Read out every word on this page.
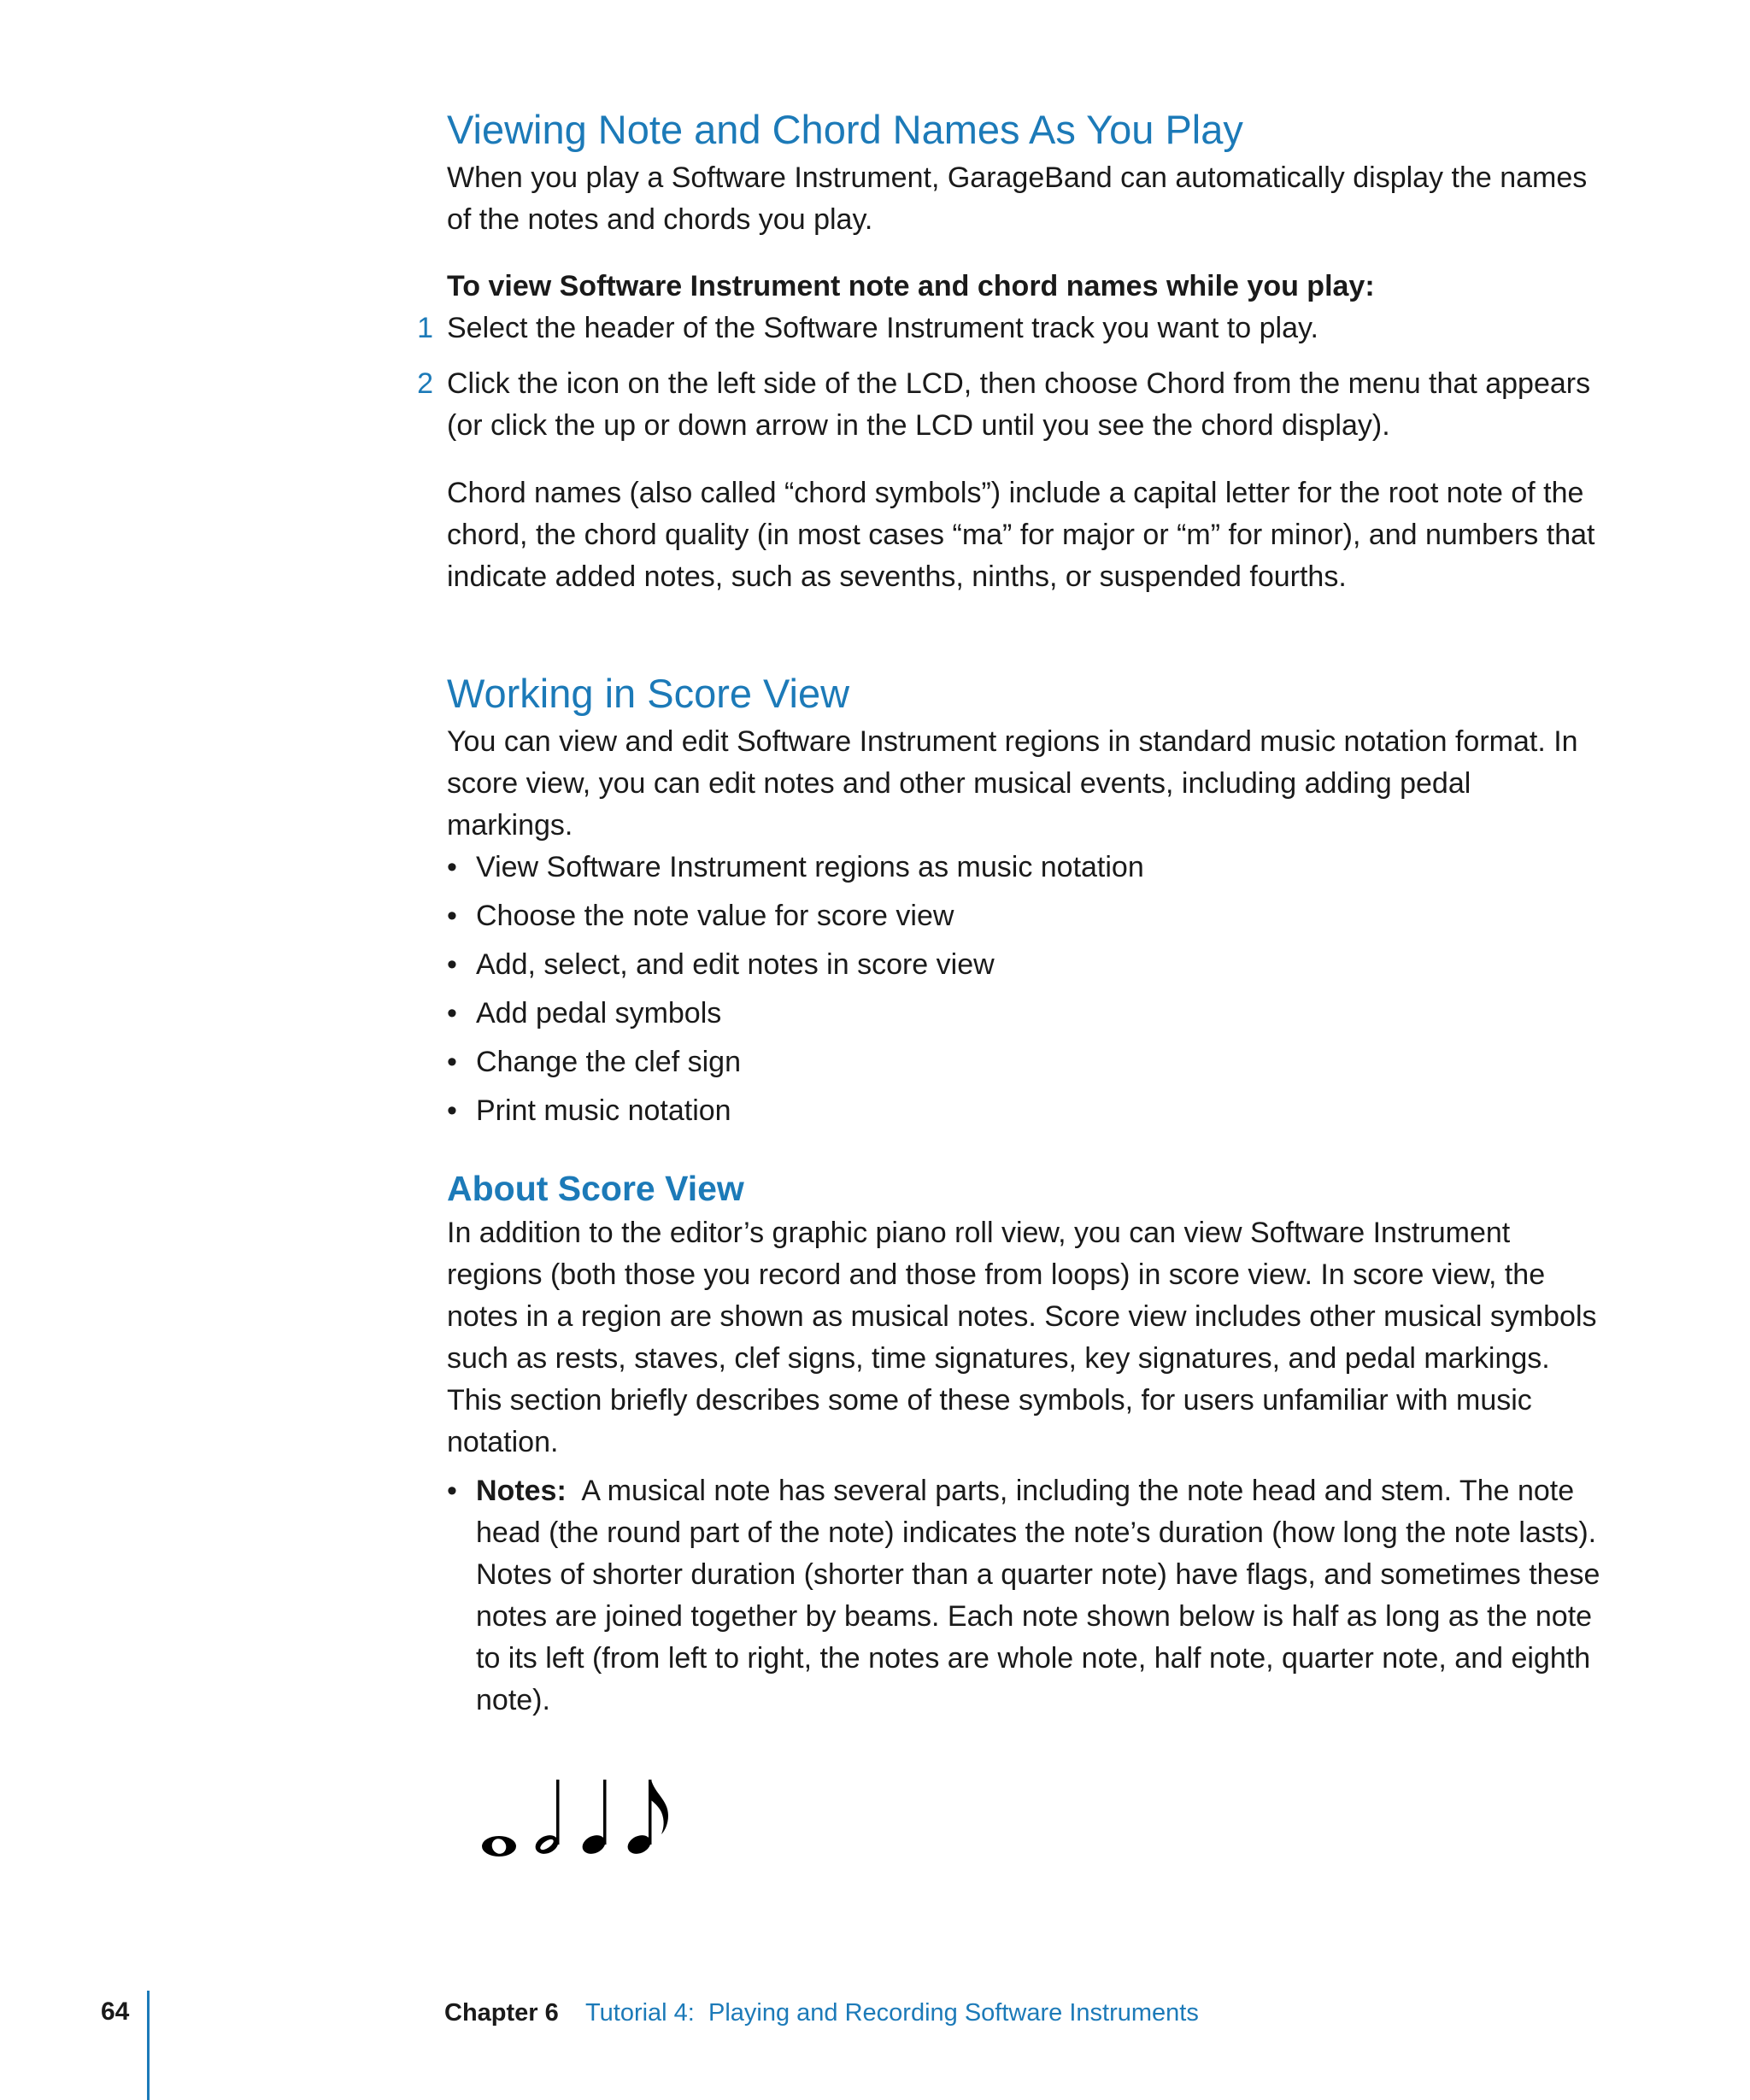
Viewing Note and Chord Names As You Play

When you play a Software Instrument, GarageBand can automatically display the names of the notes and chords you play.

To view Software Instrument note and chord names while you play:

1 Select the header of the Software Instrument track you want to play.
2 Click the icon on the left side of the LCD, then choose Chord from the menu that appears (or click the up or down arrow in the LCD until you see the chord display).

Chord names (also called “chord symbols”) include a capital letter for the root note of the chord, the chord quality (in most cases “ma” for major or “m” for minor), and numbers that indicate added notes, such as sevenths, ninths, or suspended fourths.

Working in Score View

You can view and edit Software Instrument regions in standard music notation format. In score view, you can edit notes and other musical events, including adding pedal markings.

• View Software Instrument regions as music notation
• Choose the note value for score view
• Add, select, and edit notes in score view
• Add pedal symbols
• Change the clef sign
• Print music notation
About Score View

In addition to the editor’s graphic piano roll view, you can view Software Instrument regions (both those you record and those from loops) in score view. In score view, the notes in a region are shown as musical notes. Score view includes other musical symbols such as rests, staves, clef signs, time signatures, key signatures, and pedal markings. This section briefly describes some of these symbols, for users unfamiliar with music notation.

• Notes: A musical note has several parts, including the note head and stem. The note head (the round part of the note) indicates the note’s duration (how long the note lasts). Notes of shorter duration (shorter than a quarter note) have flags, and sometimes these notes are joined together by beams. Each note shown below is half as long as the note to its left (from left to right, the notes are whole note, half note, quarter note, and eighth note).
64	Chapter 6 Tutorial 4:  Playing and Recording Software Instruments
